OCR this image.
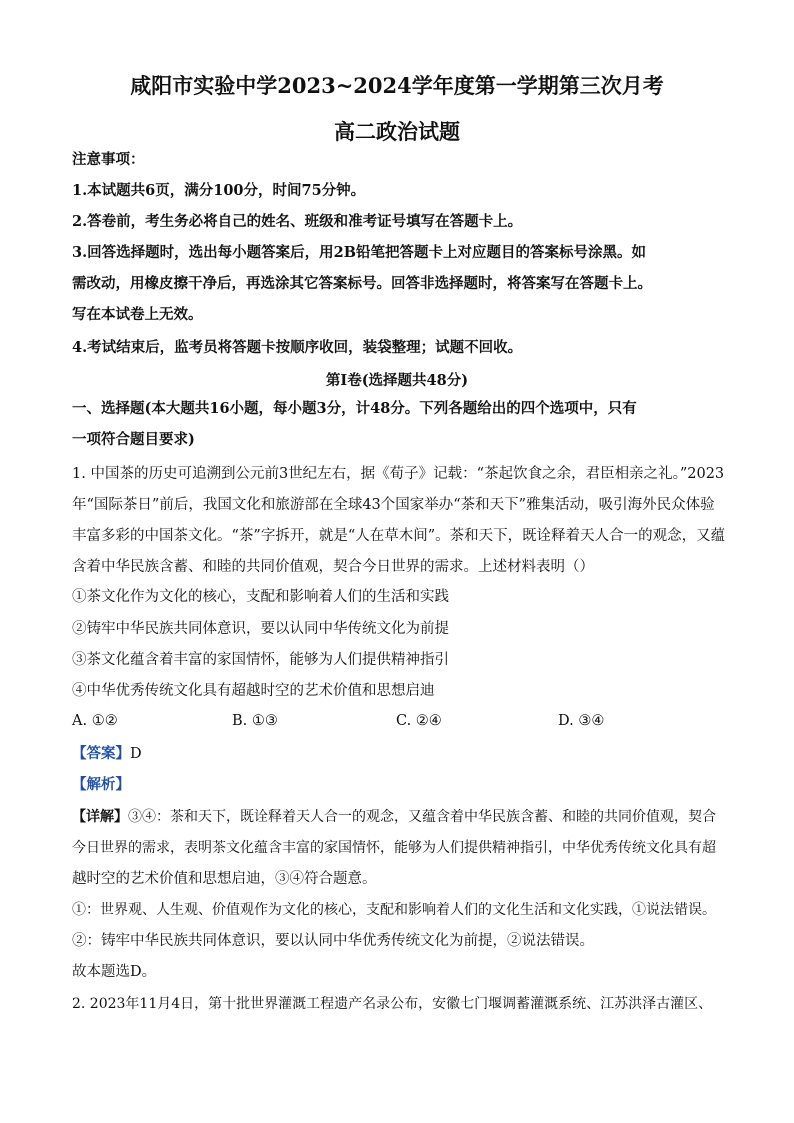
咸阳市实验中学2023~2024学年度第一学期第三次月考
高二政治试题
注意事项：
1.本试题共6页，满分100分，时间75分钟。
2.答卷前，考生务必将自己的姓名、班级和准考证号填写在答题卡上。
3.回答选择题时，选出每小题答案后，用2B铅笔把答题卡上对应题目的答案标号涂黑。如
需改动，用橡皮擦干净后，再选涂其它答案标号。回答非选择题时，将答案写在答题卡上。
写在本试卷上无效。
4.考试结束后，监考员将答题卡按顺序收回，装袋整理；试题不回收。
第Ⅰ卷(选择题共48分)
一、选择题(本大题共16小题，每小题3分，计48分。下列各题给出的四个选项中，只有
一项符合题目要求)
1. 中国茶的历史可追溯到公元前3世纪左右，据《荀子》记载：“茶起饮食之余，君臣相亲之礼。”2023
年“国际茶日”前后，我国文化和旅游部在全球43个国家举办“茶和天下”雅集活动，吸引海外民众体验
丰富多彩的中国茶文化。“茶”字拆开，就是“人在草木间”。茶和天下，既诠释着天人合一的观念，又蕴
含着中华民族含蓄、和睦的共同价值观，契合今日世界的需求。上述材料表明（）
①茶文化作为文化的核心，支配和影响着人们的生活和实践
②铸牢中华民族共同体意识，要以认同中华传统文化为前提
③茶文化蕴含着丰富的家国情怀，能够为人们提供精神指引
④中华优秀传统文化具有超越时空的艺术价值和思想启迪
A. ①②	B. ①③	C. ②④	D. ③④
【答案】D
【解析】
【详解】③④：茶和天下，既诠释着天人合一的观念，又蕴含着中华民族含蓄、和睦的共同价值观，契合
今日世界的需求，表明茶文化蕴含丰富的家国情怀，能够为人们提供精神指引，中华优秀传统文化具有超
越时空的艺术价值和思想启迪，③④符合题意。
①：世界观、人生观、价值观作为文化的核心，支配和影响着人们的文化生活和文化实践，①说法错误。
②：铸牢中华民族共同体意识，要以认同中华优秀传统文化为前提，②说法错误。
故本题选D。
2. 2023年11月4日，第十批世界灌溉工程遗产名录公布，安徽七门堰调蓄灌溉系统、江苏洪泽古灌区、
